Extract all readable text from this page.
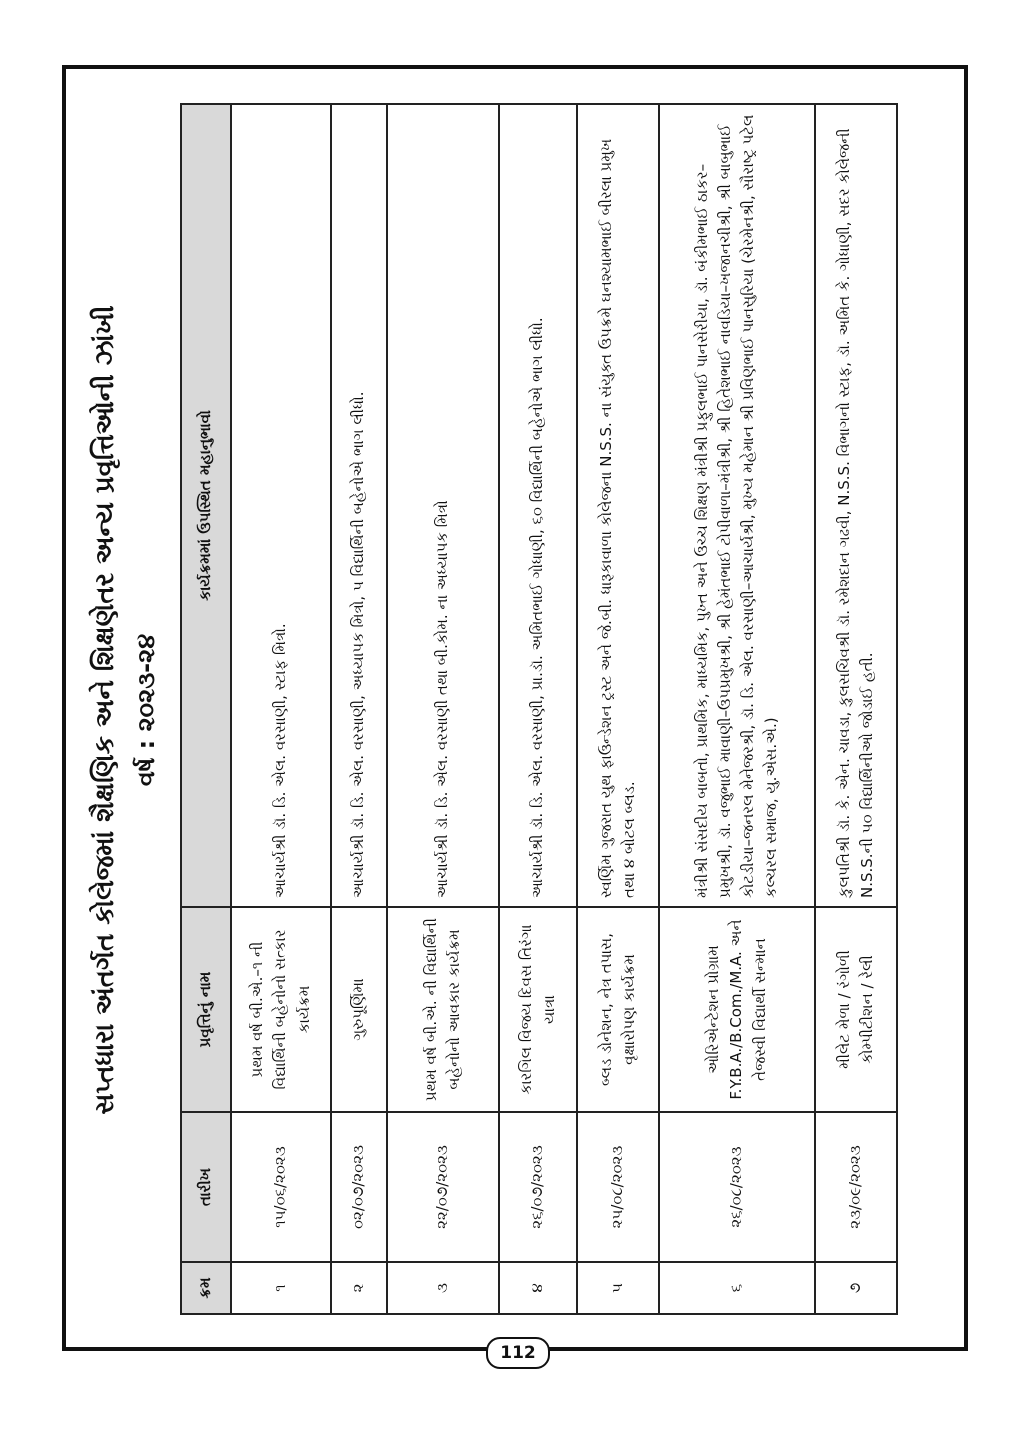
સપ્તધારા અંતર્ગત કોલેજમાં શૈક્ષણિક અને શિક્ષણેતર અન્ય પ્રવૃત્તિઓની ઝાંખી વર્ષ : ૨૦૨૩-૨૪
ક્રમ	તારીખ	પ્રવૃત્તિનું નામ	કાર્યક્રમમાં ઉપસ્થિત મહાનુભાવો
૧	૧૫/૦૬/૨૦૨૩	પ્રથમ વર્ષ બી.એ.–૧ ની વિદ્યાર્થિની બહેનોનો સત્કાર કાર્યક્રમ	આચાર્યશ્રી ડૉ. ડિ. એલ. વરસાણી, સ્ટાફ મિત્રો.
૨	૦૨/૦૭/૨૦૨૩	ગુરુપૂર્ણિમા	આચાર્યશ્રી ડૉ. ડિ. એલ. વરસાણી, અધ્યાપક મિત્રો, ૫ વિદ્યાર્થિની બહેનોએ ભાગ લીધો.
૩	૨૨/૦૭/૨૦૨૩	પ્રથમ વર્ષ બી.એ. ની વિદ્યાર્થિની બહેનોનો આવકાર કાર્યક્રમ	આચાર્યશ્રી ડૉ. ડિ. એલ. વરસાણી તથા બી.કોમ. ના અધ્યાપક મિત્રો
૪	૨૬/૦૭/૨૦૨૩	કારગિલ વિજય દિવસ તિરંગા યાત્રા	આચાર્યશ્રી ડૉ. ડિ. એલ. વરસાણી, પ્રા.ડૉ. અમિતભાઈ ગોધાણી, ૬૦ વિદ્યાર્થિની બહેનોએ ભાગ લીધો.
૫	૨૫/૦૮/૨૦૨૩	બ્લડ ડોનેશન, નેત્ર તપાસ, વૃક્ષારોપણ કાર્યક્રમ	સ્વર્ણિમ ગુજરાત યુથ ફાઉન્ડેશન ટ્રસ્ટ અને જે.બી. ધારૂકાવાળા કોલેજના N.S.S. ના સંયુક્ત ઉપક્રમે ઘનશ્યામભાઈ બીરલા પ્રમુખ તથા ૪ બોટલ બ્લડ.
૬	૨૬/૦૮/૨૦૨૩	ઓરિએન્ટેશન પ્રોગ્રામ F.Y.B.A./B.Com./M.A. અને તેજસ્વી વિદ્યાર્થી સન્માન	મંત્રીશ્રી સંસદીય બાબતો, પ્રાથમિક, માધ્યમિક, પુખ્ત અને ઉચ્ચ શિક્ષણ મંત્રીશ્રી પ્રફુલભાઈ પાનસેરીયા, ડૉ. બંકીમભાઈ ઠાકર–પ્રમુખશ્રી, ડૉ. વજુભાઈ માવાણી–ઉપપ્રમુખશ્રી, શ્રી હેમંતભાઈ ટોપીવાળા–મંત્રીશ્રી, શ્રી હિતેશભાઈ નાવડિયા–ખજાનચીશ્રી, શ્રી બાબુભાઈ કોટડીયા–જનરલ મેનેજરશ્રી, ડૉ. ડિ. એલ. વરસાણી–આચાર્યશ્રી, મુખ્ય મહેમાન શ્રી પ્રવિણભાઈ પાનસુરિયા (ચેરમેનશ્રી, સૌરાષ્ટ્ર પટેલ કલ્ચરલ સમાજ, યુ.એસ.એ.)
૭	૨૩/૦૯/૨૦૨૩	મીલેટ મેળા / રંગોળી કોમ્પીટીશન / રેલી	કુલપતિશ્રી ડૉ. કે. એન. ચાવડા, કુલસચિવશ્રી ડૉ. રમેશદાન ગઢવી, N.S.S. વિભાગનો સ્ટાફ, ડૉ. અમિત કે. ગોધાણી, સદર કોલેજની N.S.S.ની ૫૦ વિદ્યાર્થિનીઓ જોડાઈ હતી.
112
